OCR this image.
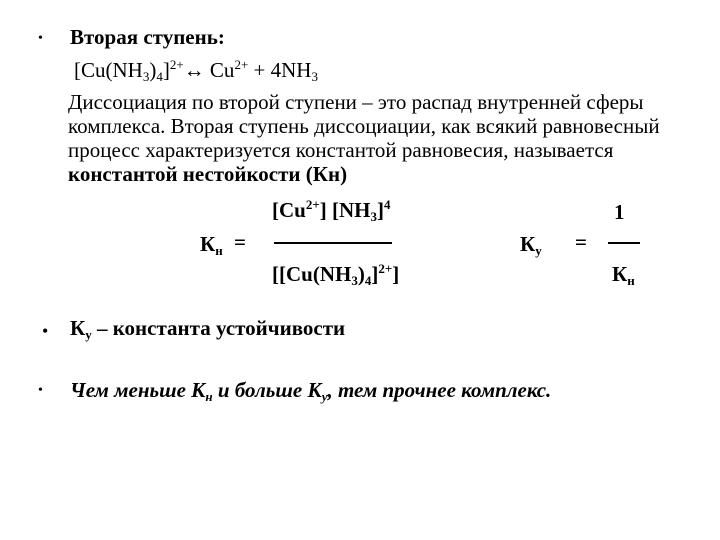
• Вторая ступень:
$[Cu(NH_3)_4]^{2+}\leftrightarrow$ $Cu^{2+} + 4NH_3$
Диссоциация по второй ступени – это распад внутренней сферы комплекса. Вторая ступень диссоциации, как всякий равновесный процесс характеризуется константой равновесия, называется константой нестойкости (Кн)
$К_н$ =
$[Cu^{2+}]$ $[NH_3]^4$
$[[Cu(NH_3)_4]^{2+}]$
$К_у$ =
1
$К_н$
• $К_у$ – константа устойчивости
• Чем меньше $К_н$ и больше $К_у$, тем прочнее комплекс.
